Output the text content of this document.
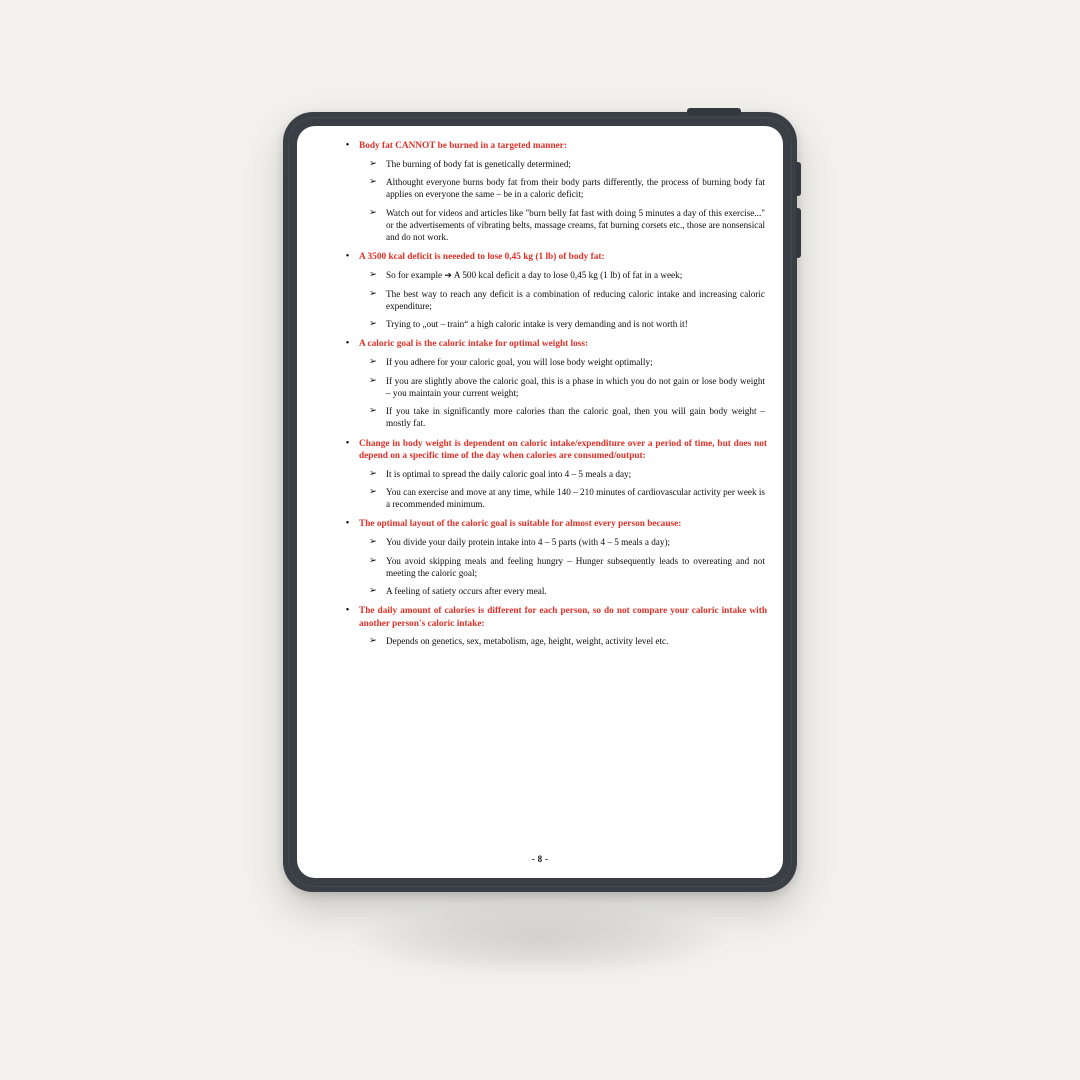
• Body fat CANNOT be burned in a targeted manner:
➢ The burning of body fat is genetically determined;
➢ Althought everyone burns body fat from their body parts differently, the process of burning body fat applies on everyone the same – be in a caloric deficit;
➢ Watch out for videos and articles like "burn belly fat fast with doing 5 minutes a day of this exercise..." or the advertisements of vibrating belts, massage creams, fat burning corsets etc., those are nonsensical and do not work.
• A 3500 kcal deficit is neeeded to lose 0,45 kg (1 lb) of body fat:
➢ So for example ➔ A 500 kcal deficit a day to lose 0,45 kg (1 lb) of fat in a week;
➢ The best way to reach any deficit is a combination of reducing caloric intake and increasing caloric expenditure;
➢ Trying to „out – train“ a high caloric intake is very demanding and is not worth it!
• A caloric goal is the caloric intake for optimal weight loss:
➢ If you adhere for your caloric goal, you will lose body weight optimally;
➢ If you are slightly above the caloric goal, this is a phase in which you do not gain or lose body weight – you maintain your current weight;
➢ If you take in significantly more calories than the caloric goal, then you will gain body weight – mostly fat.
• Change in body weight is dependent on caloric intake/expenditure over a period of time, but does not depend on a specific time of the day when calories are consumed/output:
➢ It is optimal to spread the daily caloric goal into 4 – 5 meals a day;
➢ You can exercise and move at any time, while 140 – 210 minutes of cardiovascular activity per week is a recommended minimum.
• The optimal layout of the caloric goal is suitable for almost every person because:
➢ You divide your daily protein intake into 4 – 5 parts (with 4 – 5 meals a day);
➢ You avoid skipping meals and feeling hungry – Hunger subsequently leads to overeating and not meeting the caloric goal;
➢ A feeling of satiety occurs after every meal.
• The daily amount of calories is different for each person, so do not compare your caloric intake with another person's caloric intake:
➢ Depends on genetics, sex, metabolism, age, height, weight, activity level etc.
- 8 -
